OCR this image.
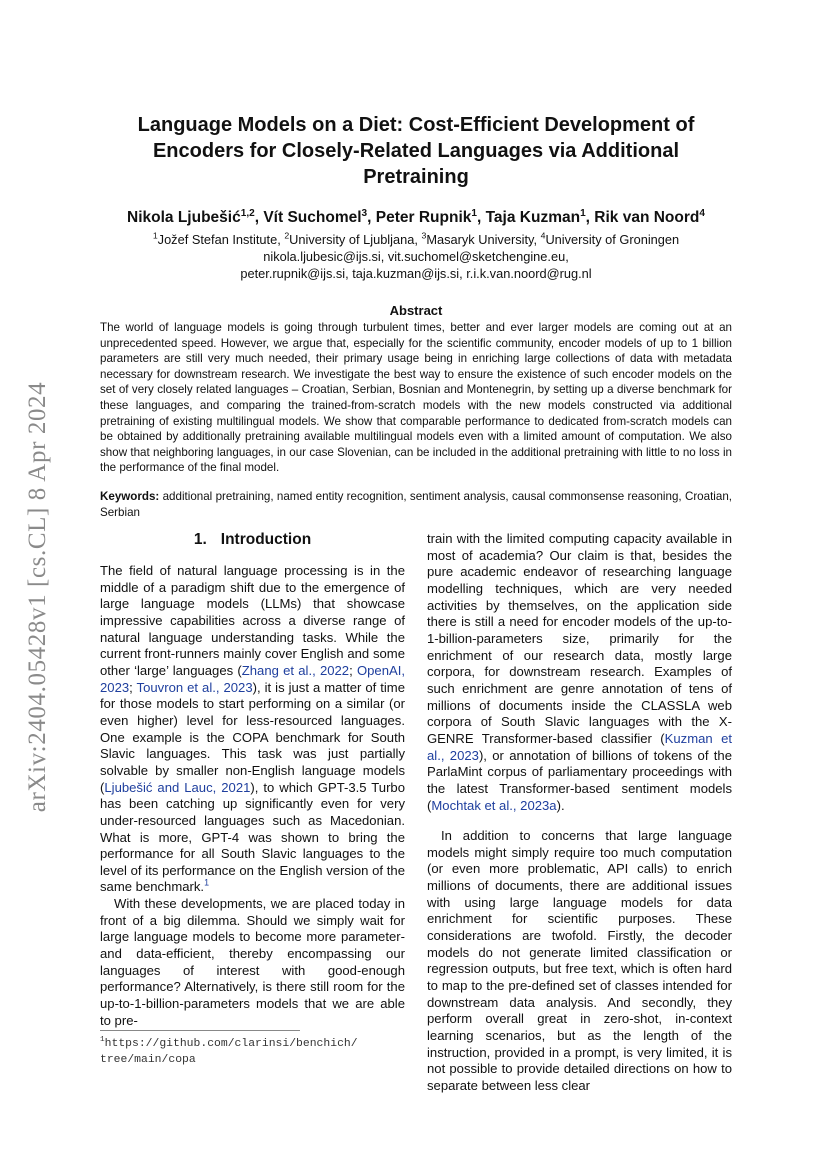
arXiv:2404.05428v1 [cs.CL] 8 Apr 2024
Language Models on a Diet: Cost-Efficient Development of Encoders for Closely-Related Languages via Additional Pretraining
Nikola Ljubešić$^{1,2}$, Vít Suchomel$^3$, Peter Rupnik$^1$, Taja Kuzman$^1$, Rik van Noord$^4$
$^1$Jožef Stefan Institute, $^2$University of Ljubljana, $^3$Masaryk University, $^4$University of Groningen
nikola.ljubesic@ijs.si, vit.suchomel@sketchengine.eu,
peter.rupnik@ijs.si, taja.kuzman@ijs.si, r.i.k.van.noord@rug.nl
Abstract
The world of language models is going through turbulent times, better and ever larger models are coming out at an unprecedented speed. However, we argue that, especially for the scientific community, encoder models of up to 1 billion parameters are still very much needed, their primary usage being in enriching large collections of data with metadata necessary for downstream research. We investigate the best way to ensure the existence of such encoder models on the set of very closely related languages – Croatian, Serbian, Bosnian and Montenegrin, by setting up a diverse benchmark for these languages, and comparing the trained-from-scratch models with the new models constructed via additional pretraining of existing multilingual models. We show that comparable performance to dedicated from-scratch models can be obtained by additionally pretraining available multilingual models even with a limited amount of computation. We also show that neighboring languages, in our case Slovenian, can be included in the additional pretraining with little to no loss in the performance of the final model.
Keywords: additional pretraining, named entity recognition, sentiment analysis, causal commonsense reasoning, Croatian, Serbian
1. Introduction

The field of natural language processing is in the middle of a paradigm shift due to the emergence of large language models (LLMs) that showcase impressive capabilities across a diverse range of natural language understanding tasks. While the current front-runners mainly cover English and some other ‘large’ languages (Zhang et al., 2022; OpenAI, 2023; Touvron et al., 2023), it is just a matter of time for those models to start performing on a similar (or even higher) level for less-resourced languages. One example is the COPA benchmark for South Slavic languages. This task was just partially solvable by smaller non-English language models (Ljubešić and Lauc, 2021), to which GPT-3.5 Turbo has been catching up significantly even for very under-resourced languages such as Macedonian. What is more, GPT-4 was shown to bring the performance for all South Slavic languages to the level of its performance on the English version of the same benchmark.$^1$

With these developments, we are placed today in front of a big dilemma. Should we simply wait for large language models to become more parameter- and data-efficient, thereby encompassing our languages of interest with good-enough performance? Alternatively, is there still room for the up-to-1-billion-parameters models that we are able to pre-

train with the limited computing capacity available in most of academia? Our claim is that, besides the pure academic endeavor of researching language modelling techniques, which are very needed activities by themselves, on the application side there is still a need for encoder models of the up-to-1-billion-parameters size, primarily for the enrichment of our research data, mostly large corpora, for downstream research. Examples of such enrichment are genre annotation of tens of millions of documents inside the CLASSLA web corpora of South Slavic languages with the X-GENRE Transformer-based classifier (Kuzman et al., 2023), or annotation of billions of tokens of the ParlaMint corpus of parliamentary proceedings with the latest Transformer-based sentiment models (Mochtak et al., 2023a).

In addition to concerns that large language models might simply require too much computation (or even more problematic, API calls) to enrich millions of documents, there are additional issues with using large language models for data enrichment for scientific purposes. These considerations are twofold. Firstly, the decoder models do not generate limited classification or regression outputs, but free text, which is often hard to map to the pre-defined set of classes intended for downstream data analysis. And secondly, they perform overall great in zero-shot, in-context learning scenarios, but as the length of the instruction, provided in a prompt, is very limited, it is not possible to provide detailed directions on how to separate between less clear

$^1$https://github.com/clarinsi/benchich/
tree/main/copa
